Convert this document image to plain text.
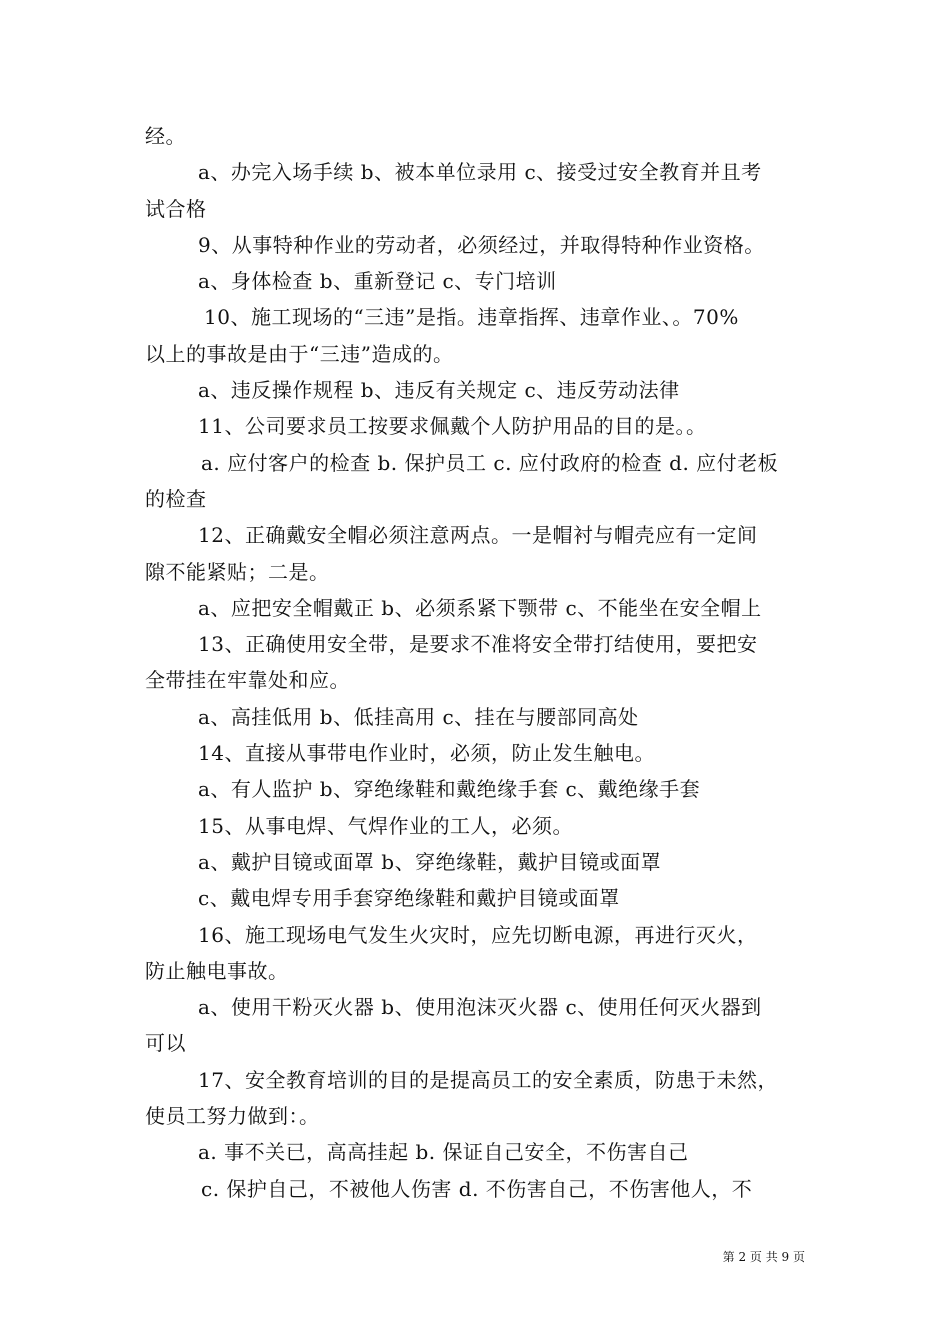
经。
a、办完入场手续 b、被本单位录用 c、接受过安全教育并且考
试合格
9、从事特种作业的劳动者，必须经过，并取得特种作业资格。
a、身体检查 b、重新登记 c、专门培训
10、施工现场的“三违”是指。违章指挥、违章作业、。70%
以上的事故是由于“三违”造成的。
a、违反操作规程 b、违反有关规定 c、违反劳动法律
11、公司要求员工按要求佩戴个人防护用品的目的是。。
a. 应付客户的检查 b. 保护员工 c. 应付政府的检查 d. 应付老板
的检查
12、正确戴安全帽必须注意两点。一是帽衬与帽壳应有一定间
隙不能紧贴；二是。
a、应把安全帽戴正 b、必须系紧下颚带 c、不能坐在安全帽上
13、正确使用安全带，是要求不准将安全带打结使用，要把安
全带挂在牢靠处和应。
a、高挂低用 b、低挂高用 c、挂在与腰部同高处
14、直接从事带电作业时，必须，防止发生触电。
a、有人监护 b、穿绝缘鞋和戴绝缘手套 c、戴绝缘手套
15、从事电焊、气焊作业的工人，必须。
a、戴护目镜或面罩 b、穿绝缘鞋，戴护目镜或面罩
c、戴电焊专用手套穿绝缘鞋和戴护目镜或面罩
16、施工现场电气发生火灾时，应先切断电源，再进行灭火，
防止触电事故。
a、使用干粉灭火器 b、使用泡沫灭火器 c、使用任何灭火器到
可以
17、安全教育培训的目的是提高员工的安全素质，防患于未然，
使员工努力做到：。
a. 事不关已，高高挂起 b. 保证自己安全，不伤害自己
c. 保护自己，不被他人伤害 d. 不伤害自己，不伤害他人，不
第 2 页 共 9 页
